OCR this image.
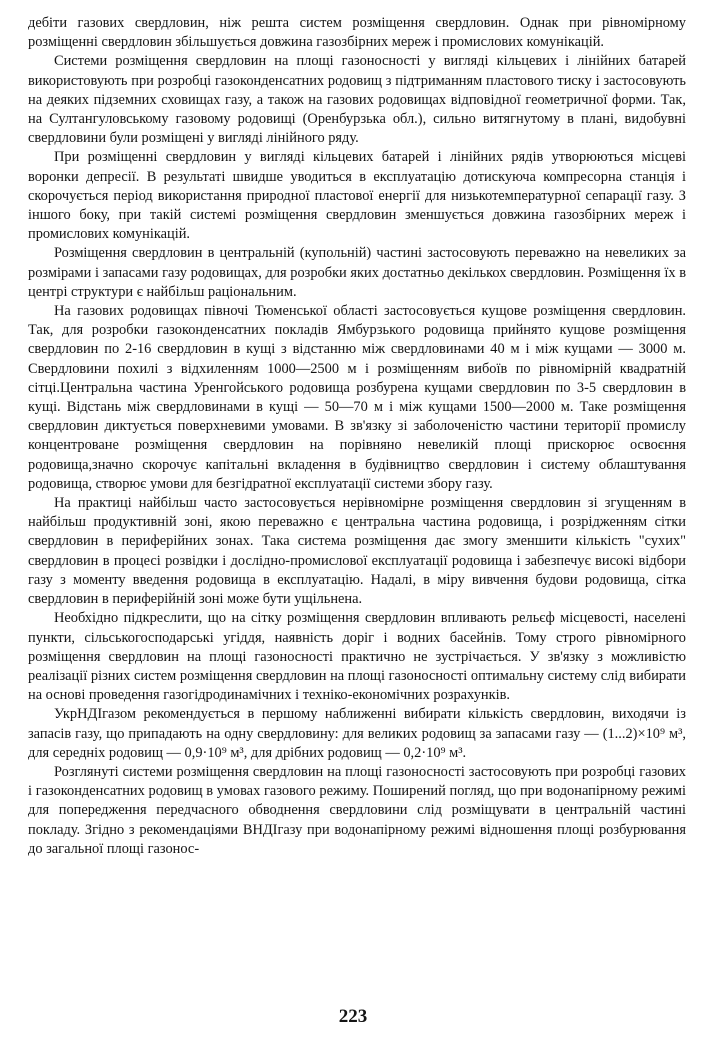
дебіти газових свердловин, ніж решта систем розміщення свердловин. Однак при рівномірному розміщенні свердловин збільшується довжина газозбірних мереж і промислових комунікацій.

Системи розміщення свердловин на площі газоносності у вигляді кільцевих і лінійних батарей використовують при розробці газоконденсатних родовищ з підтриманням пластового тиску і застосовують на деяких підземних сховищах газу, а також на газових родовищах відповідної геометричної форми. Так, на Султангуловському газовому родовищі (Оренбурзька обл.), сильно витягнутому в плані, видобувні свердловини були розміщені у вигляді лінійного ряду.

При розміщенні свердловин у вигляді кільцевих батарей і лінійних рядів утворюються місцеві воронки депресії. В результаті швидше уводиться в експлуатацію дотискуюча компресорна станція і скорочується період використання природної пластової енергії для низькотемпературної сепарації газу. З іншого боку, при такій системі розміщення свердловин зменшується довжина газозбірних мереж і промислових комунікацій.

Розміщення свердловин в центральній (купольній) частині застосовують переважно на невеликих за розмірами і запасами газу родовищах, для розробки яких достатньо декількох свердловин. Розміщення їх в центрі структури є найбільш раціональним.

На газових родовищах півночі Тюменської області застосовується кущове розміщення свердловин. Так, для розробки газоконденсатних покладів Ямбурзького родовища прийнято кущове розміщення свердловин по 2-16 свердловин в кущі з відстанню між свердловинами 40 м і між кущами — 3000 м. Свердловини похилі з відхиленням 1000—2500 м і розміщенням вибоїв по рівномірній квадратній сітці.Центральна частина Уренгойського родовища розбурена кущами свердловин по 3-5 свердловин в кущі. Відстань між свердловинами в кущі — 50—70 м і між кущами 1500—2000 м. Таке розміщення свердловин диктується поверхневими умовами. В зв'язку зі заболоченістю частини території промислу концентроване розміщення свердловин на порівняно невеликій площі прискорює освоєння родовища,значно скорочує капітальні вкладення в будівництво свердловин і систему облаштування родовища, створює умови для безгідратної експлуатації системи збору газу.

На практиці найбільш часто застосовується нерівномірне розміщення свердловин зі згущенням в найбільш продуктивній зоні, якою переважно є центральна частина родовища, і розрідженням сітки свердловин в периферійних зонах. Така система розміщення дає змогу зменшити кількість "сухих" свердловин в процесі розвідки і дослідно-промислової експлуатації родовища і забезпечує високі відбори газу з моменту введення родовища в експлуатацію. Надалі, в міру вивчення будови родовища, сітка свердловин в периферійній зоні може бути ущільнена.

Необхідно підкреслити, що на сітку розміщення свердловин впливають рельєф місцевості, населені пункти, сільськогосподарські угіддя, наявність доріг і водних басейнів. Тому строго рівномірного розміщення свердловин на площі газоносності практично не зустрічається. У зв'язку з можливістю реалізації різних систем розміщення свердловин на площі газоносності оптимальну систему слід вибирати на основі проведення газогідродинамічних і техніко-економічних розрахунків.

УкрНДІгазом рекомендується в першому наближенні вибирати кількість свердловин, виходячи із запасів газу, що припадають на одну свердловину: для великих родовищ за запасами газу — (1...2)×10⁹ м³, для середніх родовищ — 0,9·10⁹ м³, для дрібних родовищ — 0,2·10⁹ м³.

Розглянуті системи розміщення свердловин на площі газоносності застосовують при розробці газових і газоконденсатних родовищ в умовах газового режиму. Поширений погляд, що при водонапірному режимі для попередження передчасного обводнення свердловини слід розміщувати в центральній частині покладу. Згідно з рекомендаціями ВНДІгазу при водонапірному режимі відношення площі розбурювання до загальної площі газонос-

223
